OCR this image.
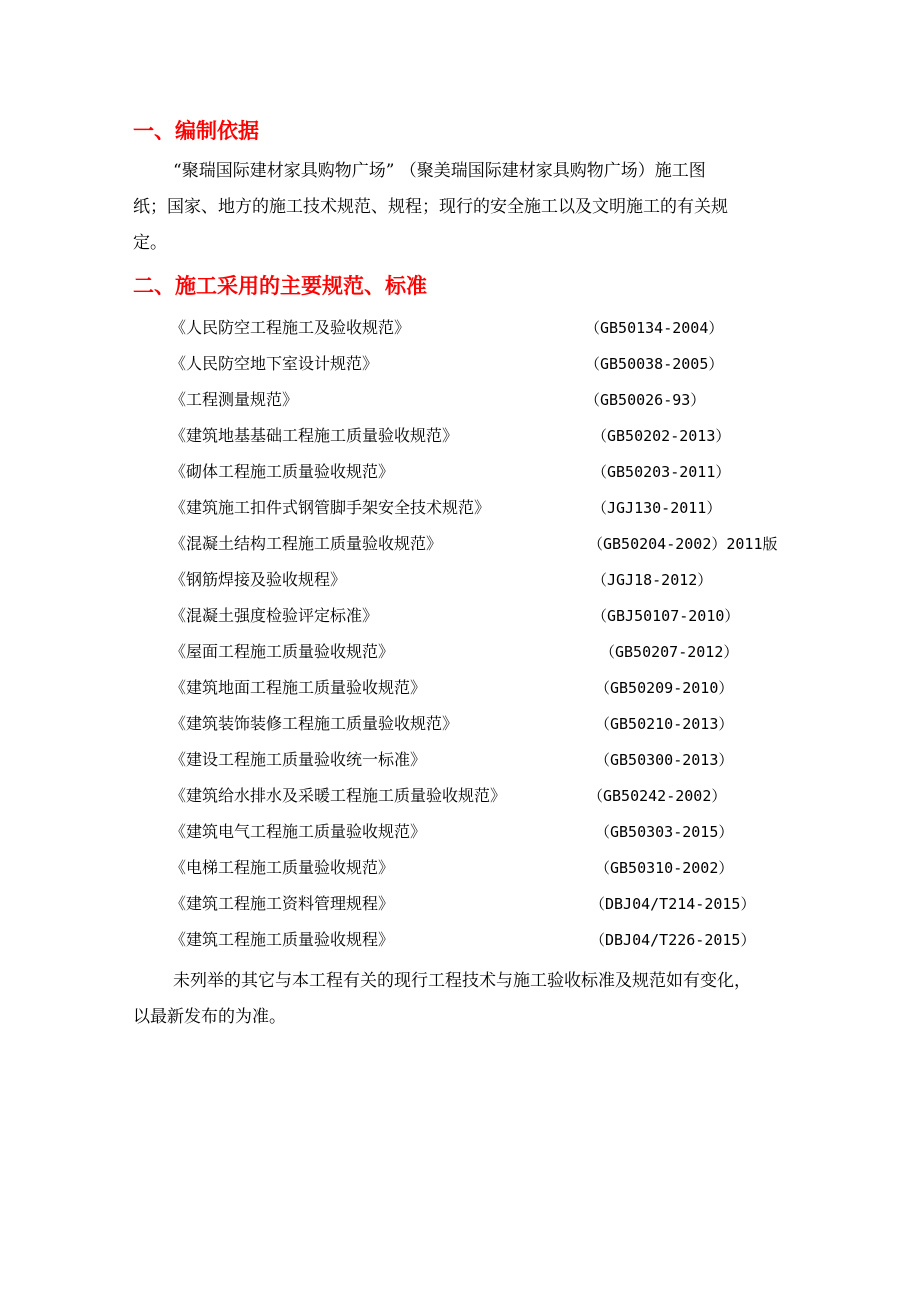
一、编制依据
“聚瑞国际建材家具购物广场” （聚美瑞国际建材家具购物广场）施工图
纸；国家、地方的施工技术规范、规程；现行的安全施工以及文明施工的有关规
定。
二、施工采用的主要规范、标准
《人民防空工程施工及验收规范》	（GB50134-2004）
《人民防空地下室设计规范》	（GB50038-2005）
《工程测量规范》	（GB50026-93）
《建筑地基基础工程施工质量验收规范》	（GB50202-2013）
《砌体工程施工质量验收规范》	（GB50203-2011）
《建筑施工扣件式钢管脚手架安全技术规范》	（JGJ130-2011）
《混凝土结构工程施工质量验收规范》	（GB50204-2002）2011版
《钢筋焊接及验收规程》	（JGJ18-2012）
《混凝土强度检验评定标准》	（GBJ50107-2010）
《屋面工程施工质量验收规范》	（GB50207-2012）
《建筑地面工程施工质量验收规范》	（GB50209-2010）
《建筑装饰装修工程施工质量验收规范》	（GB50210-2013）
《建设工程施工质量验收统一标准》	（GB50300-2013）
《建筑给水排水及采暖工程施工质量验收规范》	（GB50242-2002）
《建筑电气工程施工质量验收规范》	（GB50303-2015）
《电梯工程施工质量验收规范》	（GB50310-2002）
《建筑工程施工资料管理规程》	（DBJ04/T214-2015）
《建筑工程施工质量验收规程》	（DBJ04/T226-2015）
未列举的其它与本工程有关的现行工程技术与施工验收标准及规范如有变化，
以最新发布的为准。
